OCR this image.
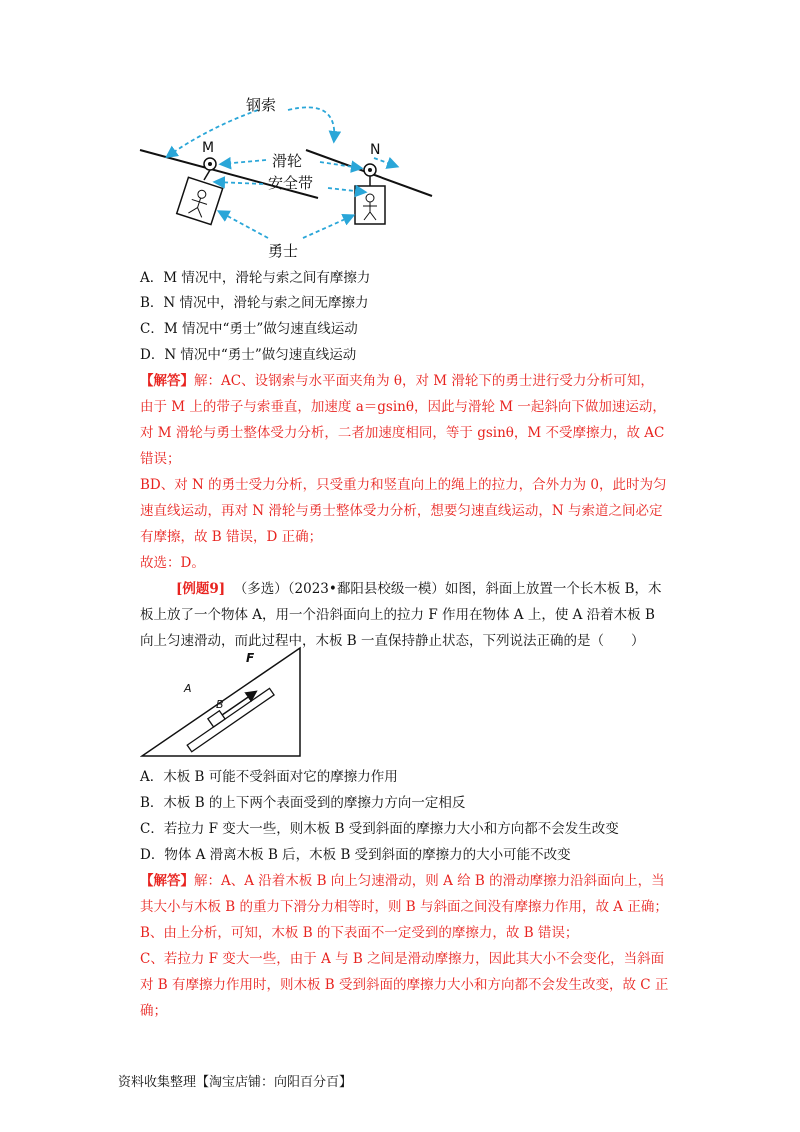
钢索
M	N
滑轮
安全带
勇士
A．M 情况中，滑轮与索之间有摩擦力
B．N 情况中，滑轮与索之间无摩擦力
C．M 情况中“勇士”做匀速直线运动
D．N 情况中“勇士”做匀速直线运动
【解答】解：AC、设钢索与水平面夹角为 θ，对 M 滑轮下的勇士进行受力分析可知，
由于 M 上的带子与索垂直，加速度 a＝gsinθ，因此与滑轮 M 一起斜向下做加速运动，
对 M 滑轮与勇士整体受力分析，二者加速度相同，等于 gsinθ，M 不受摩擦力，故 AC
错误；
BD、对 N 的勇士受力分析，只受重力和竖直向上的绳上的拉力，合外力为 0，此时为匀
速直线运动，再对 N 滑轮与勇士整体受力分析，想要匀速直线运动，N 与索道之间必定
有摩擦，故 B 错误，D 正确；
故选：D。
[例题9] （多选）（2023•鄱阳县校级一模）如图，斜面上放置一个长木板 B，木
板上放了一个物体 A，用一个沿斜面向上的拉力 F 作用在物体 A 上，使 A 沿着木板 B
向上匀速滑动，而此过程中，木板 B 一直保持静止状态，下列说法正确的是（　　）
F
A
B
A．木板 B 可能不受斜面对它的摩擦力作用
B．木板 B 的上下两个表面受到的摩擦力方向一定相反
C．若拉力 F 变大一些，则木板 B 受到斜面的摩擦力大小和方向都不会发生改变
D．物体 A 滑离木板 B 后，木板 B 受到斜面的摩擦力的大小可能不改变
【解答】解：A、A 沿着木板 B 向上匀速滑动，则 A 给 B 的滑动摩擦力沿斜面向上，当
其大小与木板 B 的重力下滑分力相等时，则 B 与斜面之间没有摩擦力作用，故 A 正确；
B、由上分析，可知，木板 B 的下表面不一定受到的摩擦力，故 B 错误；
C、若拉力 F 变大一些，由于 A 与 B 之间是滑动摩擦力，因此其大小不会变化，当斜面
对 B 有摩擦力作用时，则木板 B 受到斜面的摩擦力大小和方向都不会发生改变，故 C 正
确；
资料收集整理【淘宝店铺：向阳百分百】
